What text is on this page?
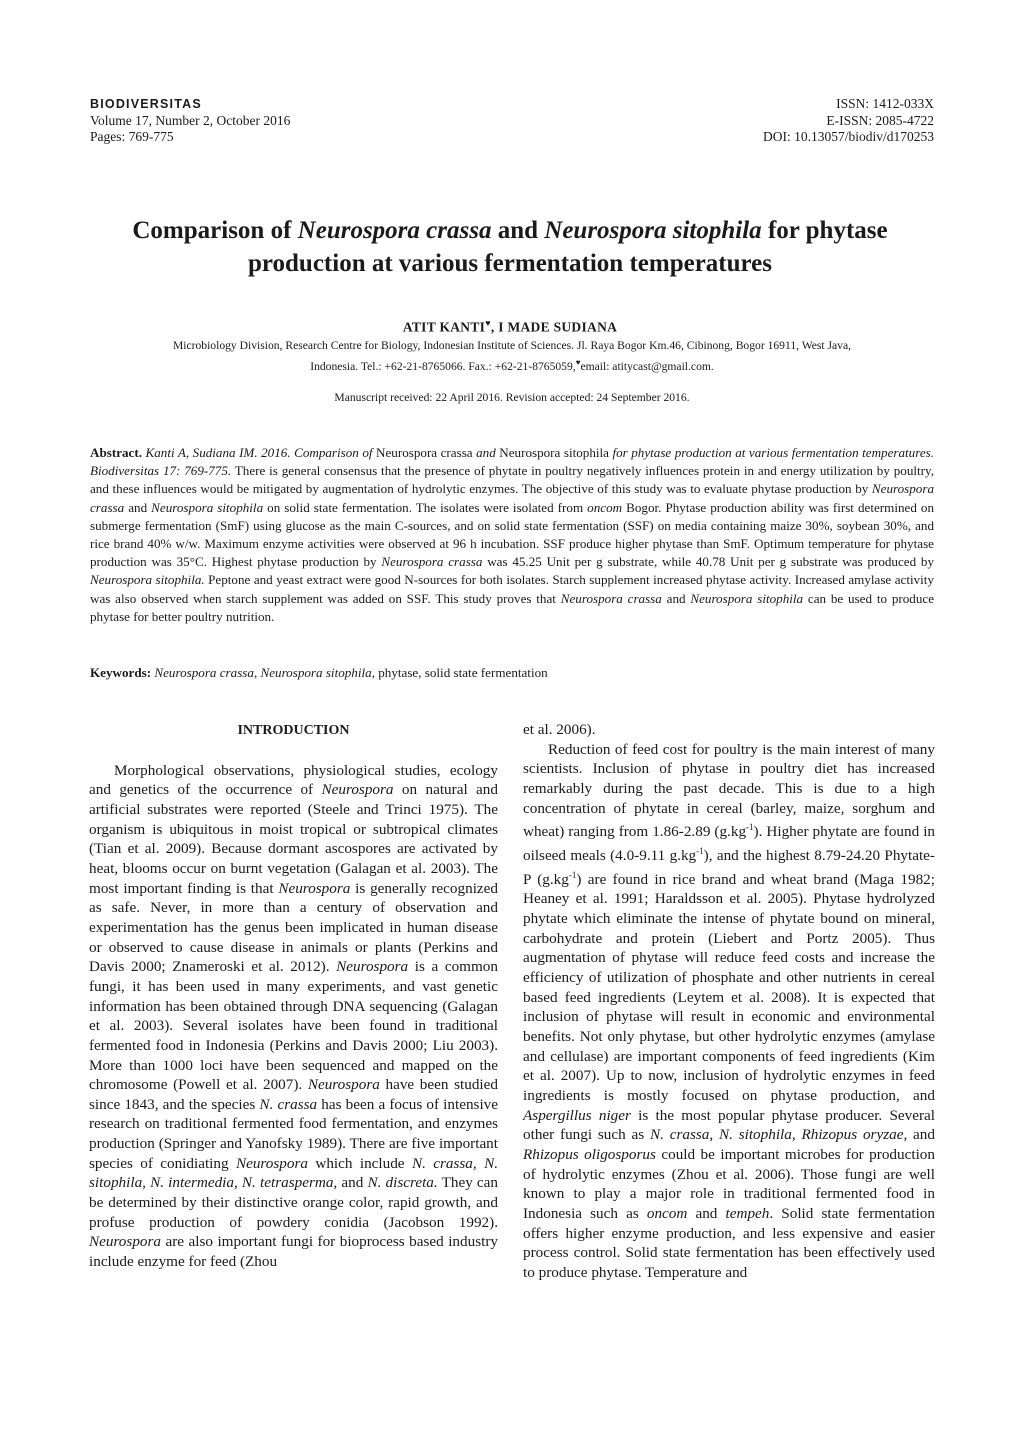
BIODIVERSITAS
Volume 17, Number 2, October 2016
Pages: 769-775
ISSN: 1412-033X
E-ISSN: 2085-4722
DOI: 10.13057/biodiv/d170253
Comparison of Neurospora crassa and Neurospora sitophila for phytase
production at various fermentation temperatures
ATIT KANTI♥, I MADE SUDIANA
Microbiology Division, Research Centre for Biology, Indonesian Institute of Sciences. Jl. Raya Bogor Km.46, Cibinong, Bogor 16911, West Java,
Indonesia. Tel.: +62-21-8765066. Fax.: +62-21-8765059,♥email: atitycast@gmail.com.
Manuscript received: 22 April 2016. Revision accepted: 24 September 2016.
Abstract. Kanti A, Sudiana IM. 2016. Comparison of Neurospora crassa and Neurospora sitophila for phytase production at various fermentation temperatures. Biodiversitas 17: 769-775. There is general consensus that the presence of phytate in poultry negatively influences protein in and energy utilization by poultry, and these influences would be mitigated by augmentation of hydrolytic enzymes. The objective of this study was to evaluate phytase production by Neurospora crassa and Neurospora sitophila on solid state fermentation. The isolates were isolated from oncom Bogor. Phytase production ability was first determined on submerge fermentation (SmF) using glucose as the main C-sources, and on solid state fermentation (SSF) on media containing maize 30%, soybean 30%, and rice brand 40% w/w. Maximum enzyme activities were observed at 96 h incubation. SSF produce higher phytase than SmF. Optimum temperature for phytase production was 35°C. Highest phytase production by Neurospora crassa was 45.25 Unit per g substrate, while 40.78 Unit per g substrate was produced by Neurospora sitophila. Peptone and yeast extract were good N-sources for both isolates. Starch supplement increased phytase activity. Increased amylase activity was also observed when starch supplement was added on SSF. This study proves that Neurospora crassa and Neurospora sitophila can be used to produce phytase for better poultry nutrition.
Keywords: Neurospora crassa, Neurospora sitophila, phytase, solid state fermentation
INTRODUCTION

Morphological observations, physiological studies, ecology and genetics of the occurrence of Neurospora on natural and artificial substrates were reported (Steele and Trinci 1975). The organism is ubiquitous in moist tropical or subtropical climates (Tian et al. 2009). Because dormant ascospores are activated by heat, blooms occur on burnt vegetation (Galagan et al. 2003). The most important finding is that Neurospora is generally recognized as safe. Never, in more than a century of observation and experimentation has the genus been implicated in human disease or observed to cause disease in animals or plants (Perkins and Davis 2000; Znameroski et al. 2012). Neurospora is a common fungi, it has been used in many experiments, and vast genetic information has been obtained through DNA sequencing (Galagan et al. 2003). Several isolates have been found in traditional fermented food in Indonesia (Perkins and Davis 2000; Liu 2003). More than 1000 loci have been sequenced and mapped on the chromosome (Powell et al. 2007). Neurospora have been studied since 1843, and the species N. crassa has been a focus of intensive research on traditional fermented food fermentation, and enzymes production (Springer and Yanofsky 1989). There are five important species of conidiating Neurospora which include N. crassa, N. sitophila, N. intermedia, N. tetrasperma, and N. discreta. They can be determined by their distinctive orange color, rapid growth, and profuse production of powdery conidia (Jacobson 1992). Neurospora are also important fungi for bioprocess based industry include enzyme for feed (Zhou

et al. 2006).

Reduction of feed cost for poultry is the main interest of many scientists. Inclusion of phytase in poultry diet has increased remarkably during the past decade. This is due to a high concentration of phytate in cereal (barley, maize, sorghum and wheat) ranging from 1.86-2.89 $(g.kg^{-1})$. Higher phytate are found in oilseed meals (4.0-9.11 $g.kg^{-1}$), and the highest 8.79-24.20 Phytate-P $(g.kg^{-1})$ are found in rice brand and wheat brand (Maga 1982; Heaney et al. 1991; Haraldsson et al. 2005). Phytase hydrolyzed phytate which eliminate the intense of phytate bound on mineral, carbohydrate and protein (Liebert and Portz 2005). Thus augmentation of phytase will reduce feed costs and increase the efficiency of utilization of phosphate and other nutrients in cereal based feed ingredients (Leytem et al. 2008). It is expected that inclusion of phytase will result in economic and environmental benefits. Not only phytase, but other hydrolytic enzymes (amylase and cellulase) are important components of feed ingredients (Kim et al. 2007). Up to now, inclusion of hydrolytic enzymes in feed ingredients is mostly focused on phytase production, and Aspergillus niger is the most popular phytase producer. Several other fungi such as N. crassa, N. sitophila, Rhizopus oryzae, and Rhizopus oligosporus could be important microbes for production of hydrolytic enzymes (Zhou et al. 2006). Those fungi are well known to play a major role in traditional fermented food in Indonesia such as oncom and tempeh. Solid state fermentation offers higher enzyme production, and less expensive and easier process control. Solid state fermentation has been effectively used to produce phytase. Temperature and
